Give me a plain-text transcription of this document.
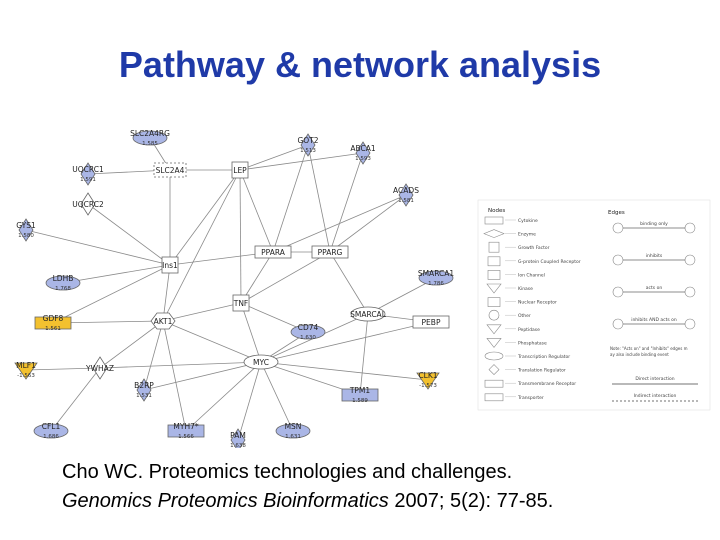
Pathway & network analysis
SLC2A4RG
1.585	GOT2
1.513	ABCA1
1.593
UQCRC1
1.591
SLC2A4	LEP
ACADS
1.581
UQCRC2
GYS1
1.580
PPARA	PPARG
Ins1
LDHB
1.768
SMARCA1
1.786
TNF
GDF8
1.561
AKT1
SMARCAL
PEBP
CD74
1.630
MLF1
-1.563
YWHAZ
MYC
B2RP
1.531
CLK1
-1.573
TPM1
1.589
CFL1
1.686
MYH7*
1.566
MSN
1.631
PAM
1.638
Nodes	Edges
Cytokine
Enzyme
Growth Factor
G-protein Coupled Receptor
Ion Channel
Kinase
Nuclear Receptor
Other
Peptidase
Phosphatase
Transcription Regulator
Translation Regulator
Transmembrane Receptor
Transporter
binding only
inhibits
acts on
inhibits AND acts on
Note: "Acts on" and "Inhibits" edges m
ay also include binding event
Direct interaction
Indirect interaction
Cho WC. Proteomics technologies and challenges.
Genomics Proteomics Bioinformatics 2007; 5(2): 77-85.
